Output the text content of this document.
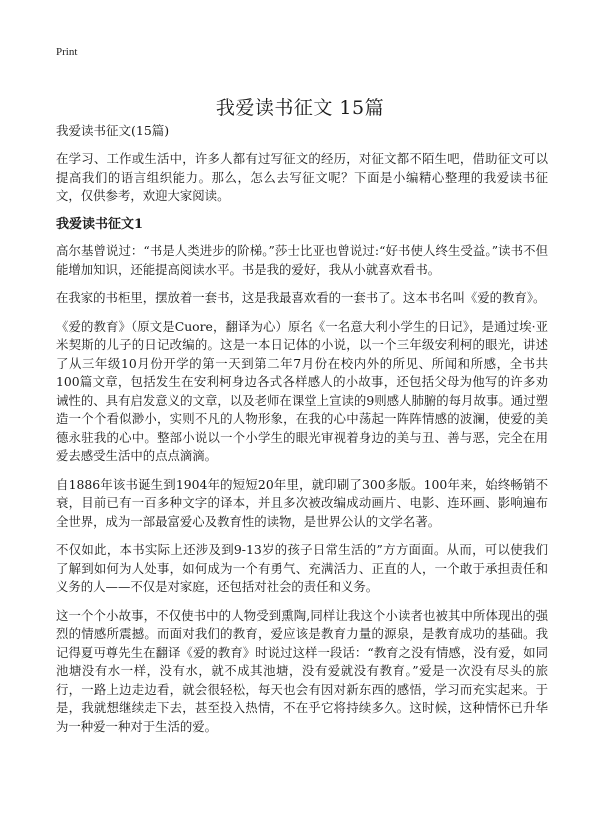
Print
我爱读书征文 15篇
我爱读书征文(15篇)

在学习、工作或生活中，许多人都有过写征文的经历，对征文都不陌生吧，借助征文可以提高我们的语言组织能力。那么，怎么去写征文呢？下面是小编精心整理的我爱读书征文，仅供参考，欢迎大家阅读。

我爱读书征文1

高尔基曾说过：“书是人类进步的阶梯。”莎士比亚也曾说过:“好书使人终生受益。”读书不但能增加知识，还能提高阅读水平。书是我的爱好，我从小就喜欢看书。

在我家的书柜里，摆放着一套书，这是我最喜欢看的一套书了。这本书名叫《爱的教育》。

《爱的教育》（原文是Cuore，翻译为心）原名《一名意大利小学生的日记》，是通过埃·亚米契斯的儿子的日记改编的。这是一本日记体的小说，以一个三年级安利柯的眼光，讲述了从三年级10月份开学的第一天到第二年7月份在校内外的所见、所闻和所感，全书共100篇文章，包括发生在安利柯身边各式各样感人的小故事，还包括父母为他写的许多劝诫性的、具有启发意义的文章，以及老师在课堂上宣读的9则感人肺腑的每月故事。通过塑造一个个看似渺小，实则不凡的人物形象，在我的心中荡起一阵阵情感的波澜，使爱的美德永驻我的心中。整部小说以一个小学生的眼光审视着身边的美与丑、善与恶，完全在用爱去感受生活中的点点滴滴。

自1886年该书诞生到1904年的短短20年里，就印刷了300多版。100年来，始终畅销不衰，目前已有一百多种文字的译本，并且多次被改编成动画片、电影、连环画、影响遍布全世界，成为一部最富爱心及教育性的读物，是世界公认的文学名著。

不仅如此，本书实际上还涉及到9-13岁的孩子日常生活的”方方面面。从而，可以使我们了解到如何为人处事，如何成为一个有勇气、充满活力、正直的人，一个敢于承担责任和义务的人——不仅是对家庭，还包括对社会的责任和义务。

这一个个小故事，不仅使书中的人物受到熏陶,同样让我这个小读者也被其中所体现出的强烈的情感所震撼。而面对我们的教育，爱应该是教育力量的源泉，是教育成功的基础。我记得夏丏尊先生在翻译《爱的教育》时说过这样一段话：“教育之没有情感，没有爱，如同池塘没有水一样，没有水，就不成其池塘，没有爱就没有教育。”爱是一次没有尽头的旅行，一路上边走边看，就会很轻松，每天也会有因对新东西的感悟，学习而充实起来。于是，我就想继续走下去，甚至投入热情，不在乎它将持续多久。这时候，这种情怀已升华为一种爱一种对于生活的爱。
